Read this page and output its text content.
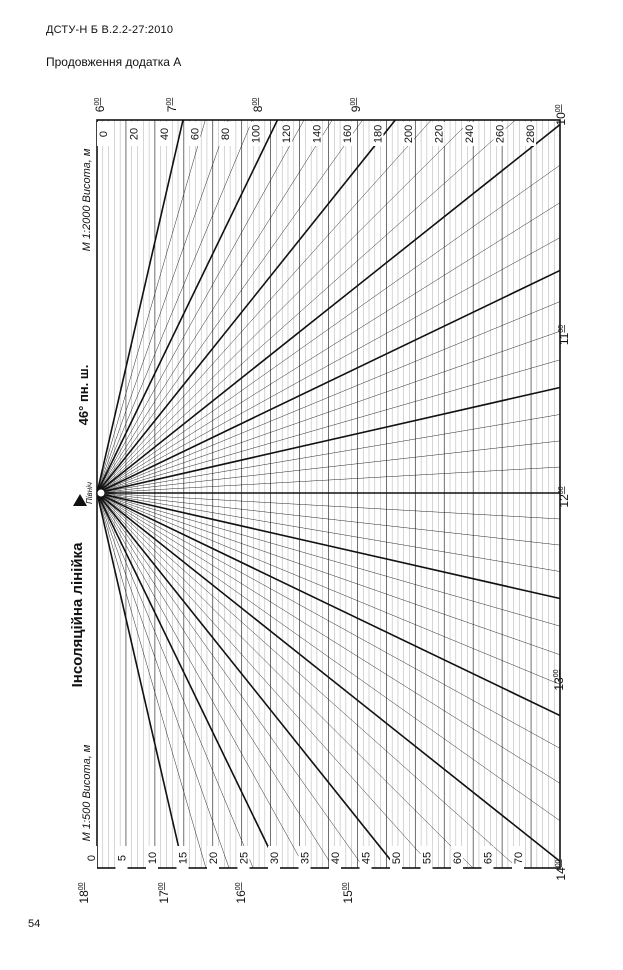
ДСТУ-Н Б В.2.2-27:2010
Продовження додатка А
0 20 40 60 80 100 120 140 160 180 200 220 240 260 280
0 5 10 15 20 25 30 35 40 45 50 55 60 65 70
$6^{00}$
$7^{00}$
$8^{00}$
$9^{00}$
$10^{00}$
$11^{00}$
$12^{00}$
$13^{00}$
$14^{00}$
$15^{00}$
$16^{00}$
$17^{00}$
$18^{00}$
Інсоляційна лінійка
46° пн. ш.
М 1:500 Висота, м
М 1:2000 Висота, м
Північ
54
